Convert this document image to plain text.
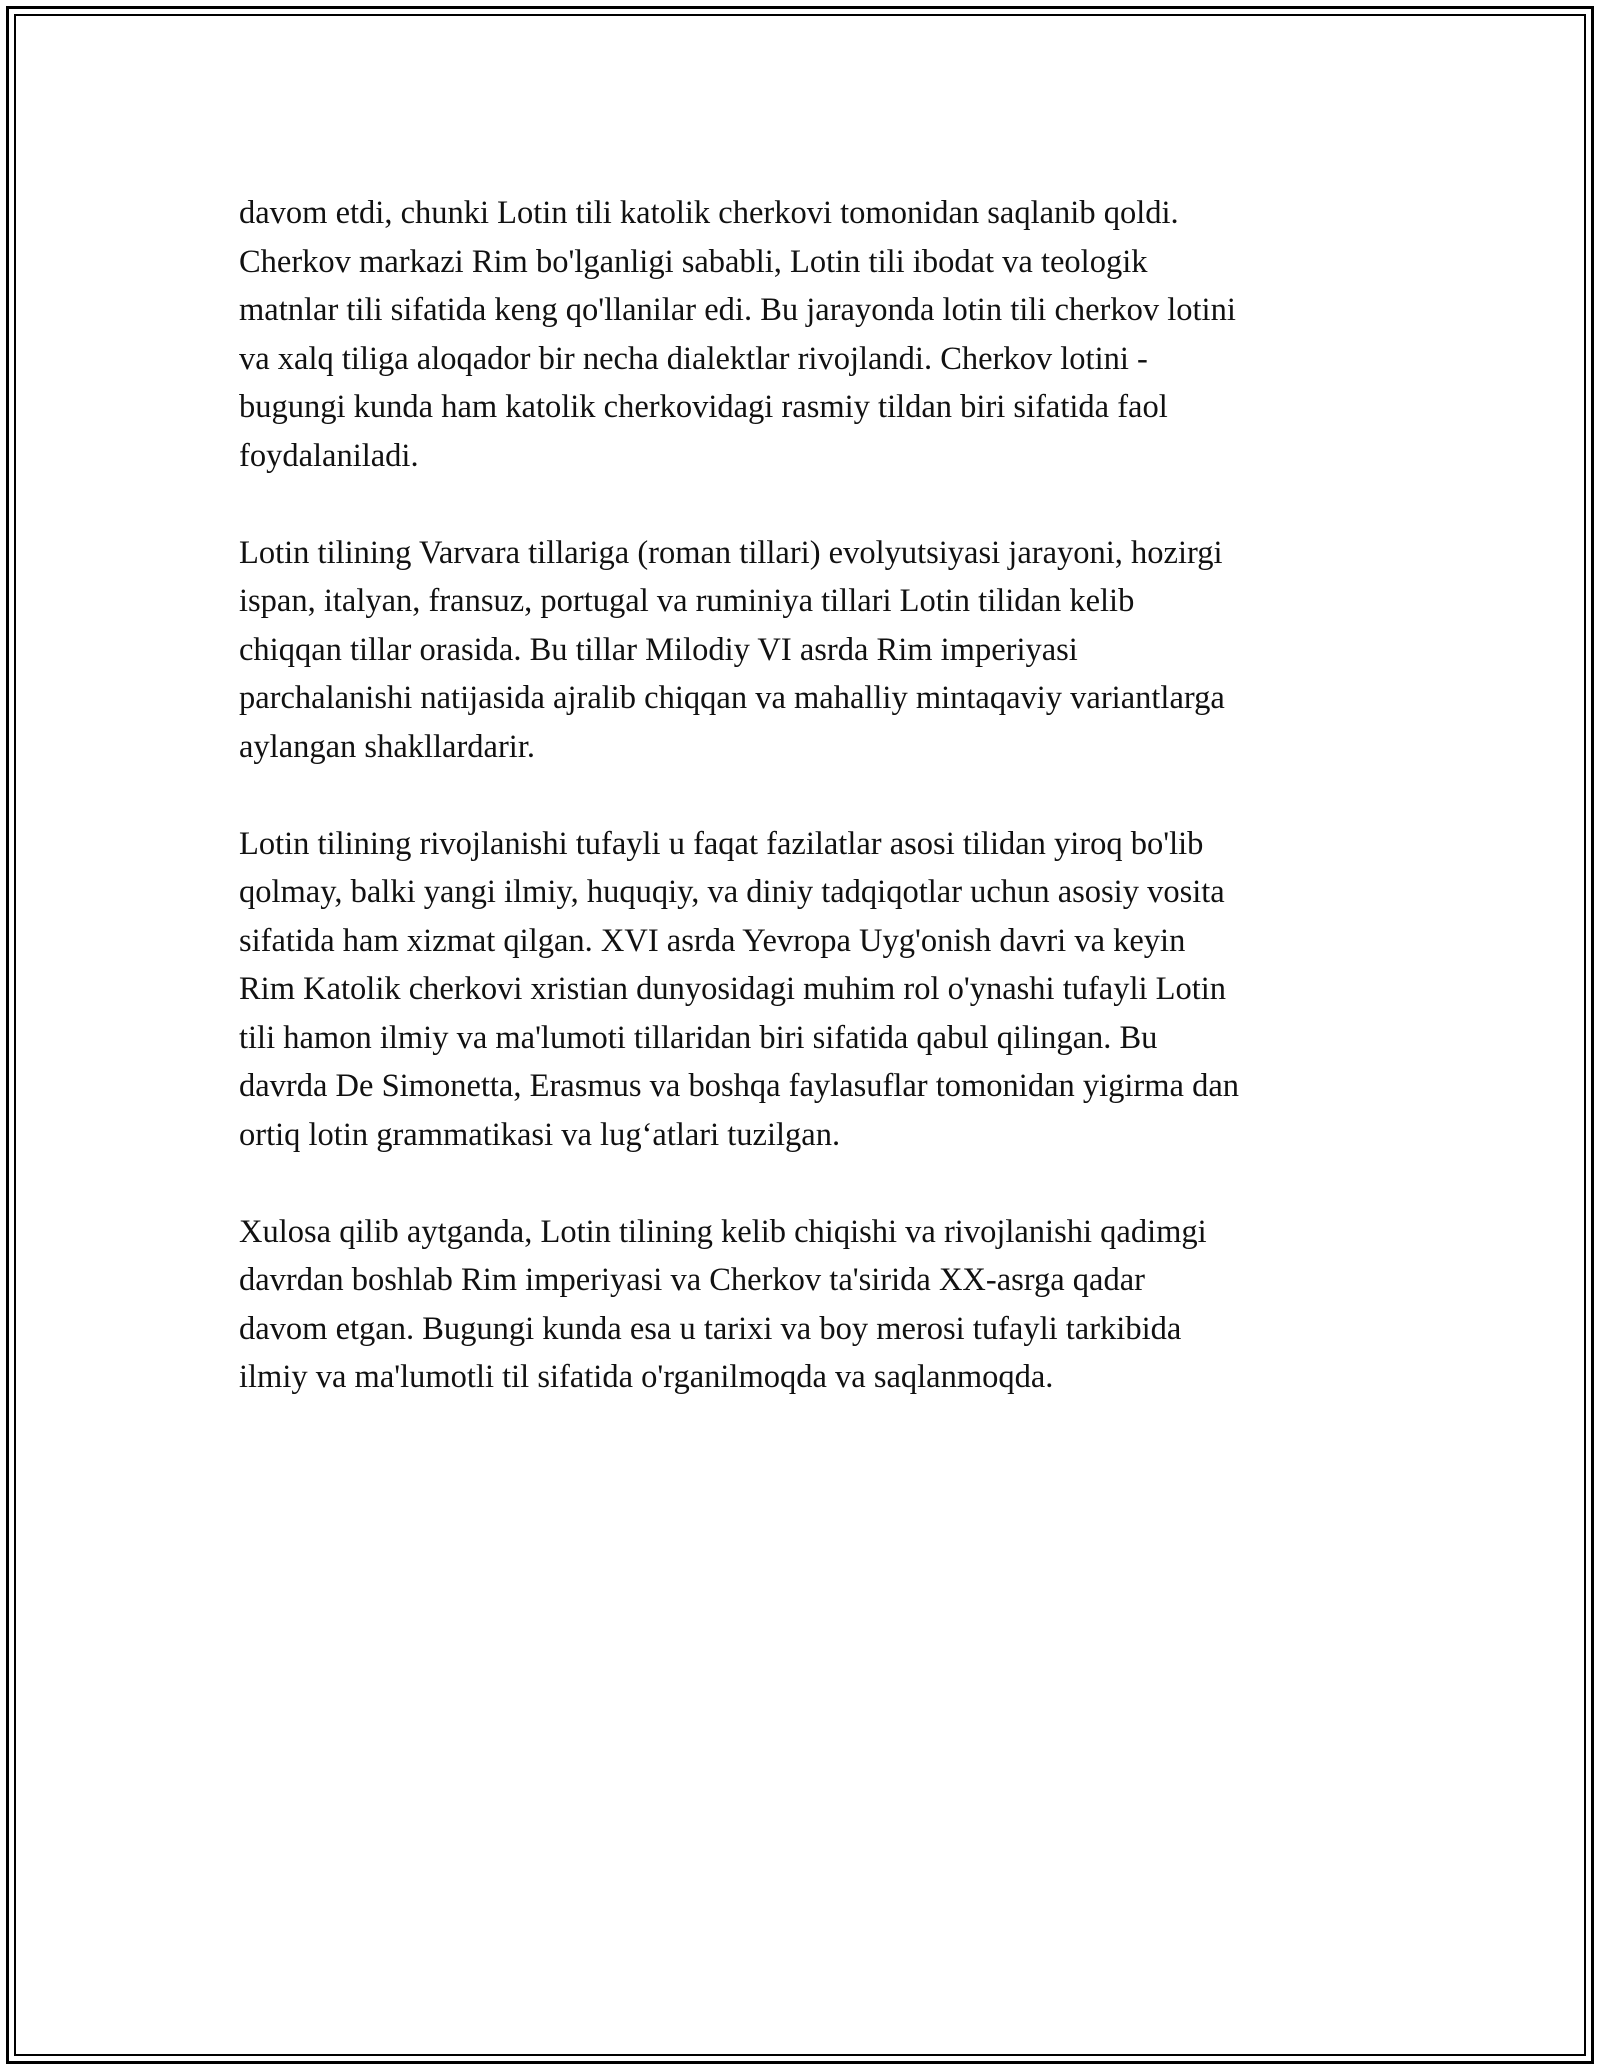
davom etdi, chunki Lotin tili katolik cherkovi tomonidan saqlanib qoldi.
Cherkov markazi Rim bo'lganligi sababli, Lotin tili ibodat va teologik
matnlar tili sifatida keng qo'llanilar edi. Bu jarayonda lotin tili cherkov lotini
va xalq tiliga aloqador bir necha dialektlar rivojlandi. Cherkov lotini -
bugungi kunda ham katolik cherkovidagi rasmiy tildan biri sifatida faol
foydalaniladi.

Lotin tilining Varvara tillariga (roman tillari) evolyutsiyasi jarayoni, hozirgi
ispan, italyan, fransuz, portugal va ruminiya tillari Lotin tilidan kelib
chiqqan tillar orasida. Bu tillar Milodiy VI asrda Rim imperiyasi
parchalanishi natijasida ajralib chiqqan va mahalliy mintaqaviy variantlarga
aylangan shakllardarir.

Lotin tilining rivojlanishi tufayli u faqat fazilatlar asosi tilidan yiroq bo'lib
qolmay, balki yangi ilmiy, huquqiy, va diniy tadqiqotlar uchun asosiy vosita
sifatida ham xizmat qilgan. XVI asrda Yevropa Uyg'onish davri va keyin
Rim Katolik cherkovi xristian dunyosidagi muhim rol o'ynashi tufayli Lotin
tili hamon ilmiy va ma'lumoti tillaridan biri sifatida qabul qilingan. Bu
davrda De Simonetta, Erasmus va boshqa faylasuflar tomonidan yigirma dan
ortiq lotin grammatikasi va lug‘atlari tuzilgan.

Xulosa qilib aytganda, Lotin tilining kelib chiqishi va rivojlanishi qadimgi
davrdan boshlab Rim imperiyasi va Cherkov ta'sirida XX-asrga qadar
davom etgan. Bugungi kunda esa u tarixi va boy merosi tufayli tarkibida
ilmiy va ma'lumotli til sifatida o'rganilmoqda va saqlanmoqda.
